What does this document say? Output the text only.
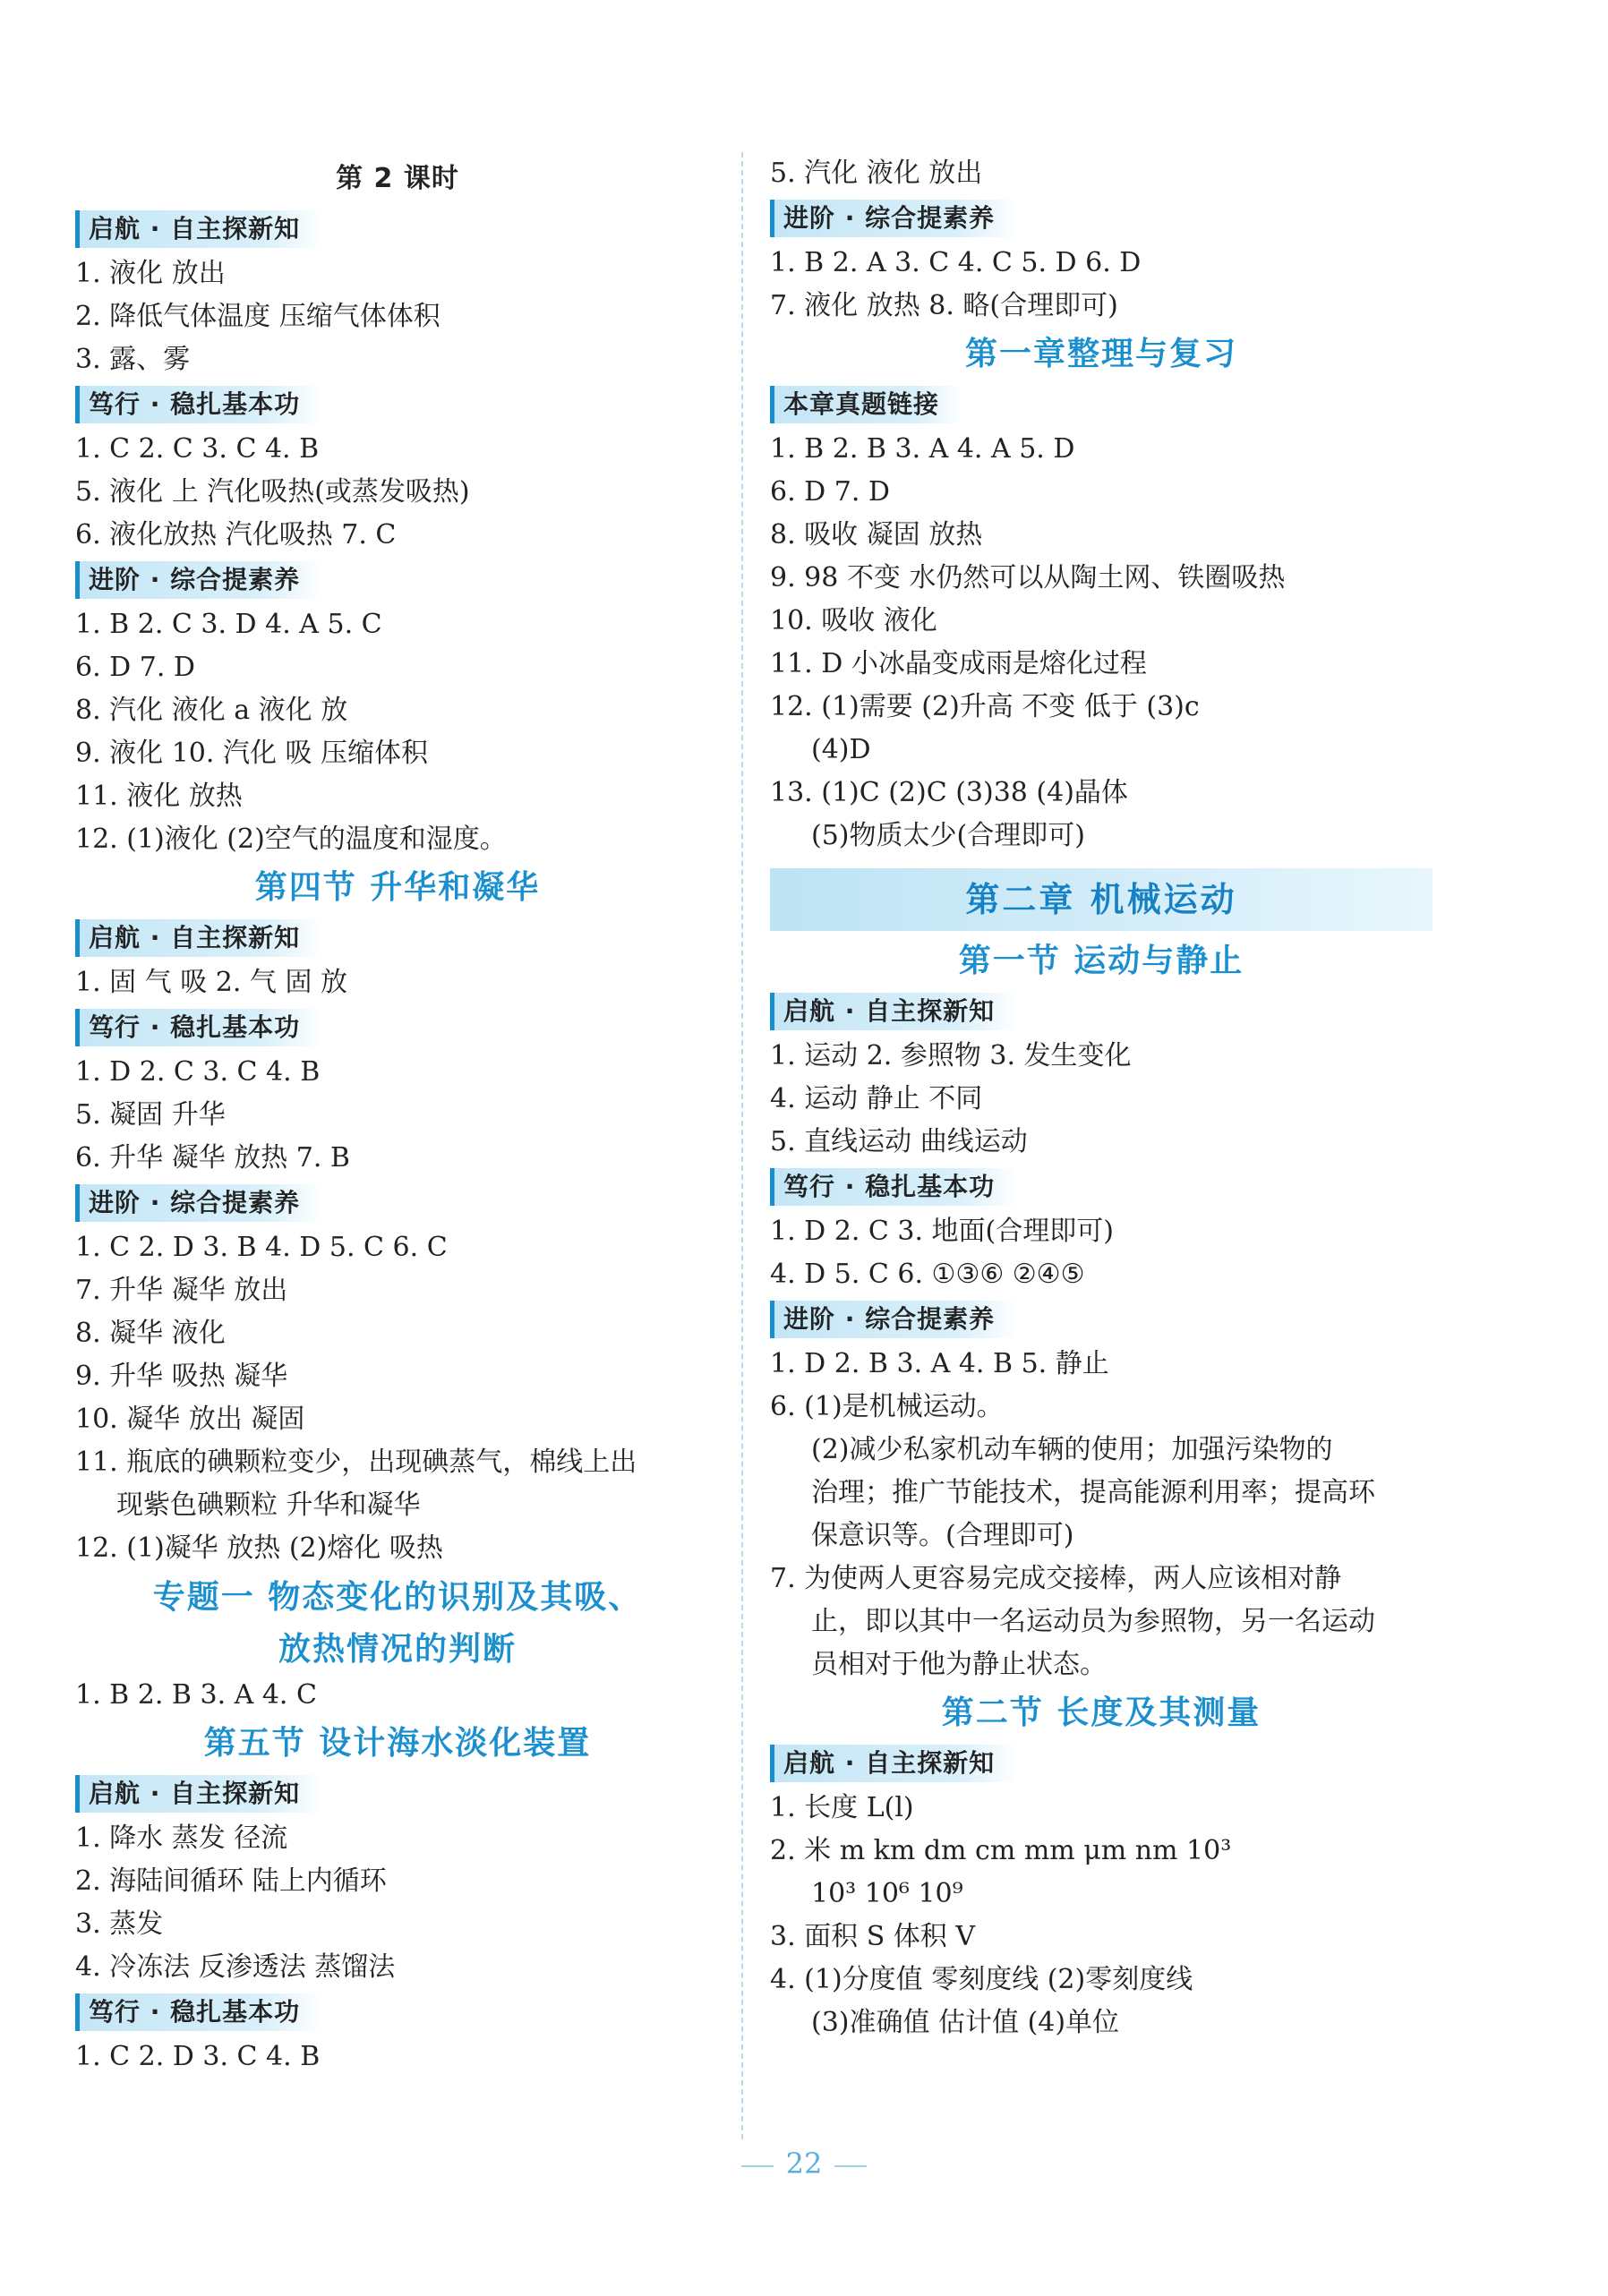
第 2 课时
启航 · 自主探新知
1. 液化 放出
2. 降低气体温度 压缩气体体积
3. 露、雾
笃行 · 稳扎基本功
1. C 2. C 3. C 4. B
5. 液化 上 汽化吸热(或蒸发吸热)
6. 液化放热 汽化吸热 7. C
进阶 · 综合提素养
1. B 2. C 3. D 4. A 5. C
6. D 7. D
8. 汽化 液化 a 液化 放
9. 液化 10. 汽化 吸 压缩体积
11. 液化 放热
12. (1)液化 (2)空气的温度和湿度。
第四节 升华和凝华
启航 · 自主探新知
1. 固 气 吸 2. 气 固 放
笃行 · 稳扎基本功
1. D 2. C 3. C 4. B
5. 凝固 升华
6. 升华 凝华 放热 7. B
进阶 · 综合提素养
1. C 2. D 3. B 4. D 5. C 6. C
7. 升华 凝华 放出
8. 凝华 液化
9. 升华 吸热 凝华
10. 凝华 放出 凝固
11. 瓶底的碘颗粒变少，出现碘蒸气，棉线上出
现紫色碘颗粒 升华和凝华
12. (1)凝华 放热 (2)熔化 吸热
专题一 物态变化的识别及其吸、
放热情况的判断
1. B 2. B 3. A 4. C
第五节 设计海水淡化装置
启航 · 自主探新知
1. 降水 蒸发 径流
2. 海陆间循环 陆上内循环
3. 蒸发
4. 冷冻法 反渗透法 蒸馏法
笃行 · 稳扎基本功
1. C 2. D 3. C 4. B
5. 汽化 液化 放出
进阶 · 综合提素养
1. B 2. A 3. C 4. C 5. D 6. D
7. 液化 放热 8. 略(合理即可)
第一章整理与复习
本章真题链接
1. B 2. B 3. A 4. A 5. D
6. D 7. D
8. 吸收 凝固 放热
9. 98 不变 水仍然可以从陶土网、铁圈吸热
10. 吸收 液化
11. D 小冰晶变成雨是熔化过程
12. (1)需要 (2)升高 不变 低于 (3)c
(4)D
13. (1)C (2)C (3)38 (4)晶体
(5)物质太少(合理即可)
第二章 机械运动
第一节 运动与静止
启航 · 自主探新知
1. 运动 2. 参照物 3. 发生变化
4. 运动 静止 不同
5. 直线运动 曲线运动
笃行 · 稳扎基本功
1. D 2. C 3. 地面(合理即可)
4. D 5. C 6. ①③⑥ ②④⑤
进阶 · 综合提素养
1. D 2. B 3. A 4. B 5. 静止
6. (1)是机械运动。
(2)减少私家机动车辆的使用；加强污染物的
治理；推广节能技术，提高能源利用率；提高环
保意识等。(合理即可)
7. 为使两人更容易完成交接棒，两人应该相对静
止，即以其中一名运动员为参照物，另一名运动
员相对于他为静止状态。
第二节 长度及其测量
启航 · 自主探新知
1. 长度 L(l)
2. 米 m km dm cm mm μm nm 10³
10³ 10⁶ 10⁹
3. 面积 S 体积 V
4. (1)分度值 零刻度线 (2)零刻度线
(3)准确值 估计值 (4)单位
22
